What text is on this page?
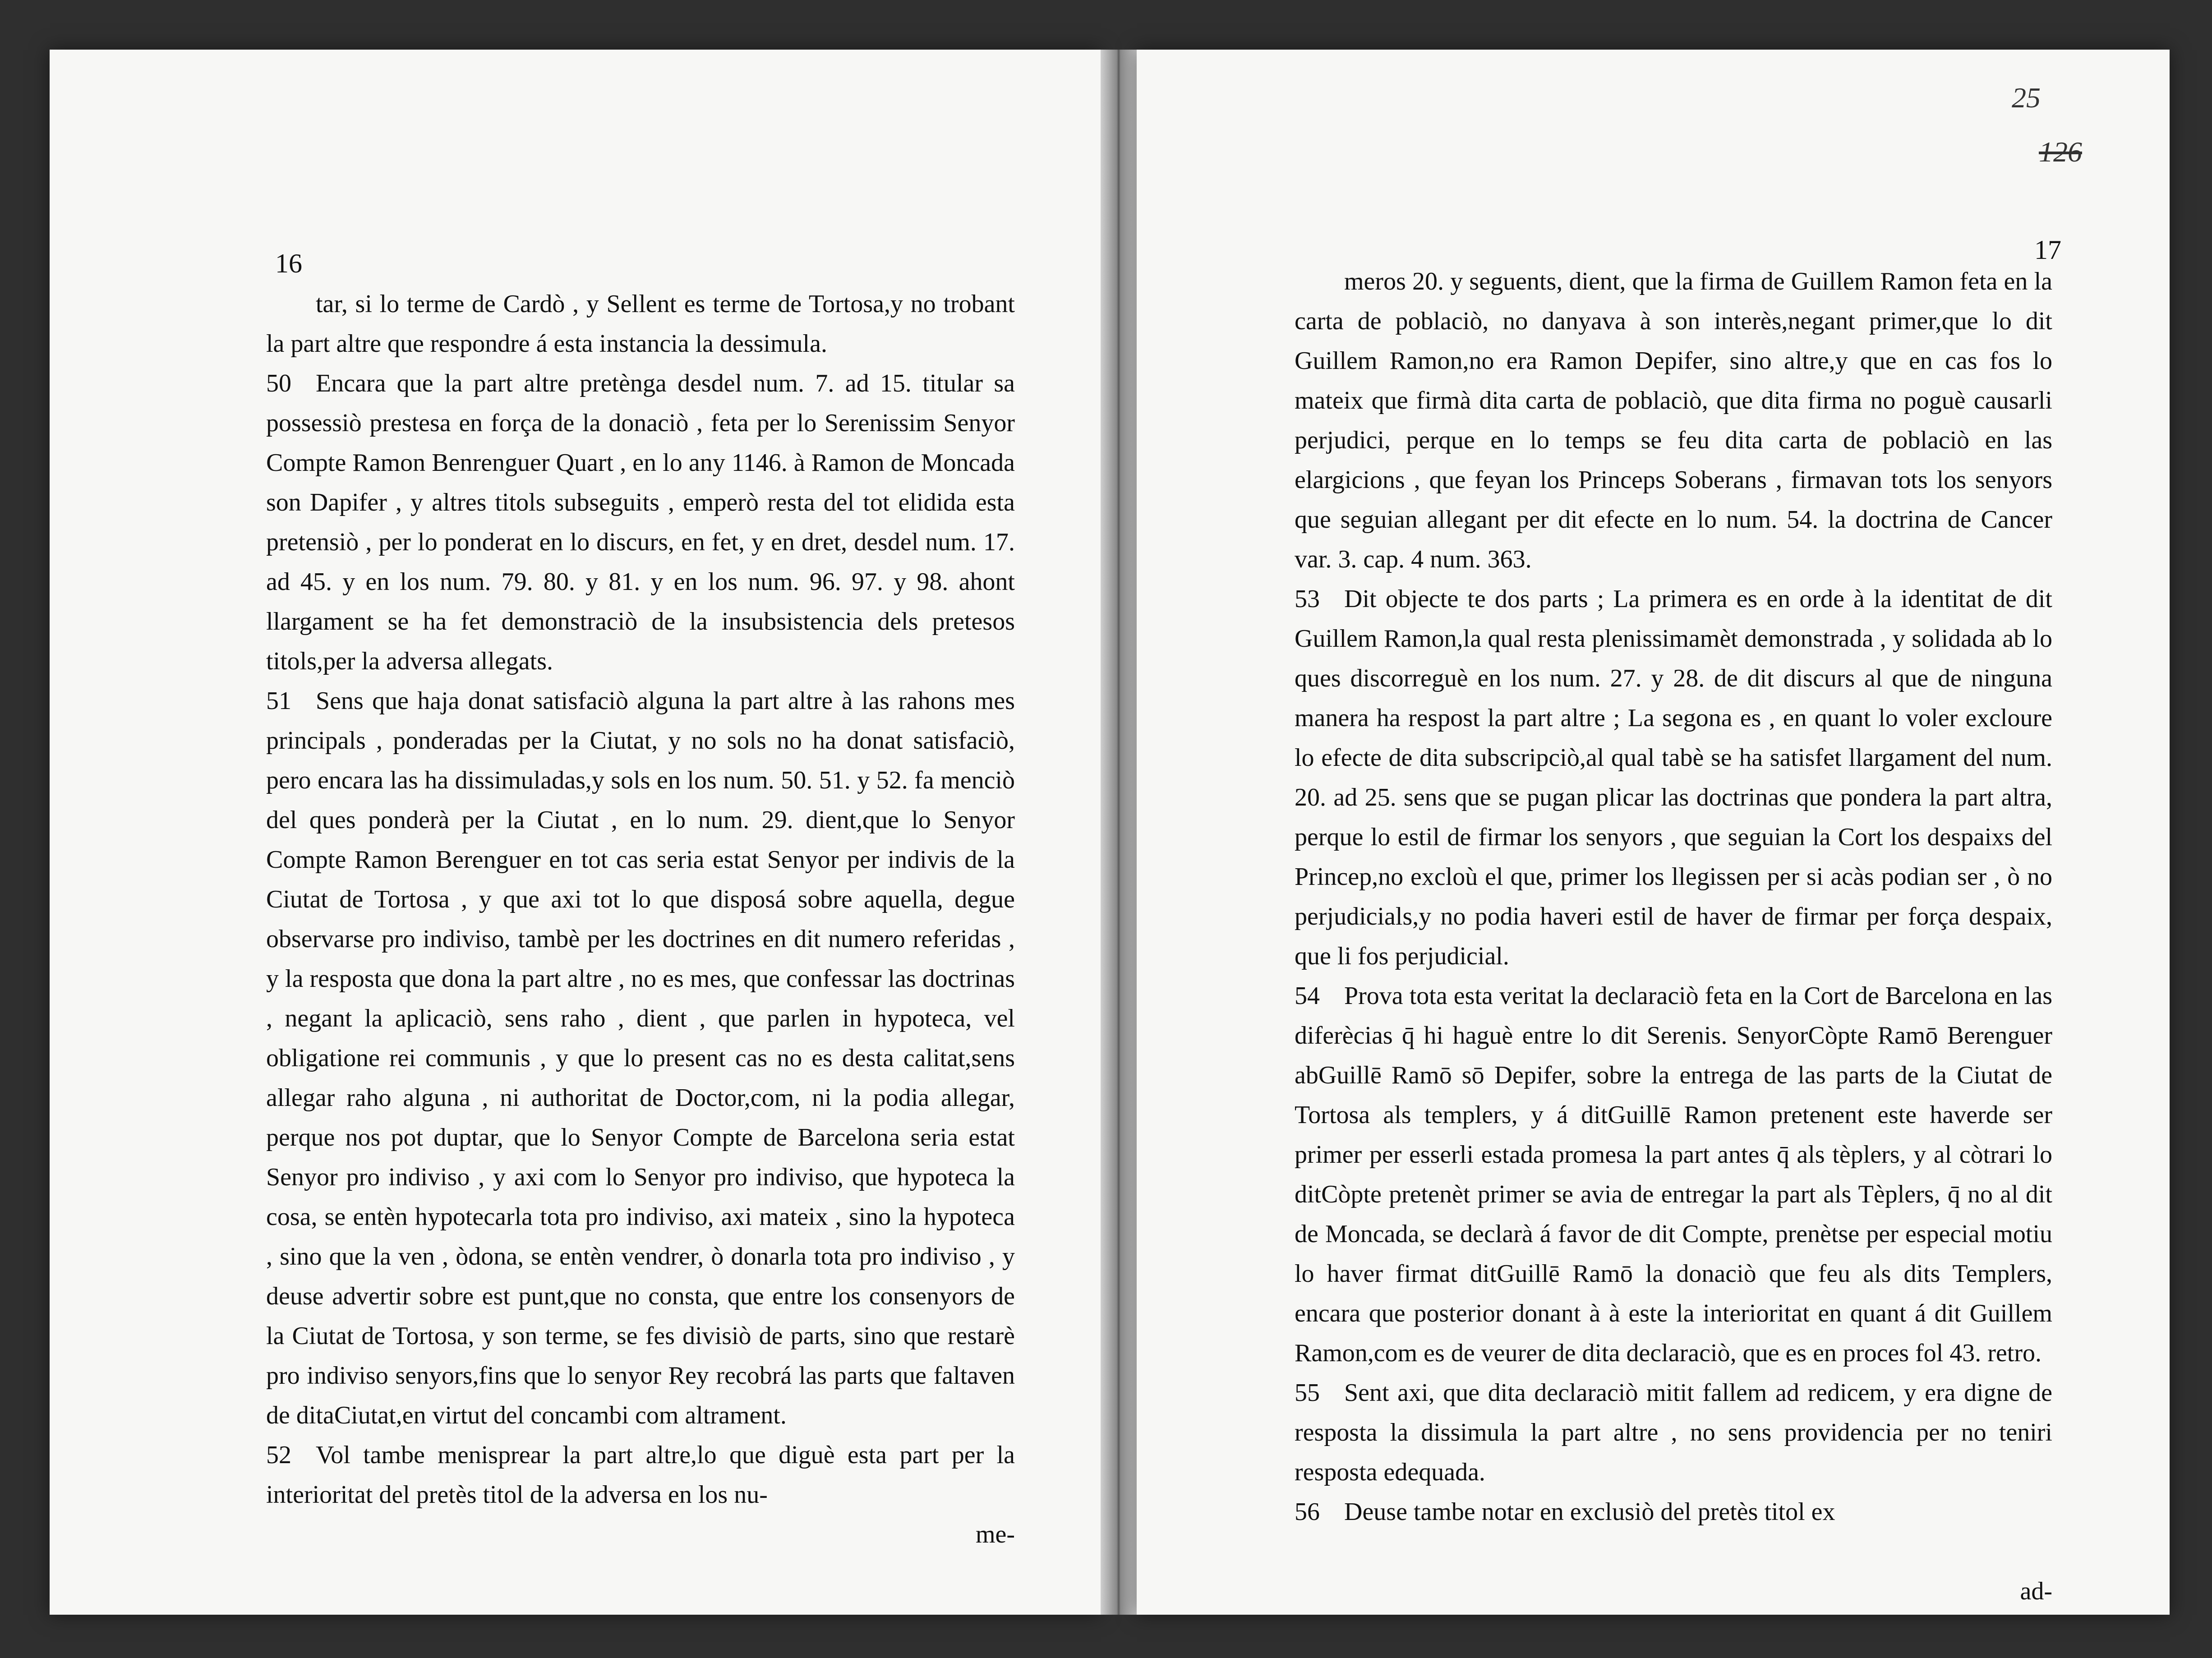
16

tar, si lo terme de Cardò , y Sellent es terme de Tortosa,y no trobant la part altre que respondre á esta instancia la dessimula.

50 Encara que la part altre pretènga desdel num. 7. ad 15. titular sa possessiò prestesa en força de la donaciò , feta per lo Serenissim Senyor Compte Ramon Benrenguer Quart , en lo any 1146. à Ramon de Moncada son Dapifer , y altres titols subseguits , emperò resta del tot elidida esta pretensiò , per lo ponderat en lo discurs, en fet, y en dret, desdel num. 17. ad 45. y en los num. 79. 80. y 81. y en los num. 96. 97. y 98. ahont llargament se ha fet demonstraciò de la insubsistencia dels pretesos titols,per la adversa allegats.

51 Sens que haja donat satisfaciò alguna la part altre à las rahons mes principals , ponderadas per la Ciutat, y no sols no ha donat satisfaciò, pero encara las ha dissimuladas,y sols en los num. 50. 51. y 52. fa menciò del ques ponderà per la Ciutat , en lo num. 29. dient,que lo Senyor Compte Ramon Berenguer en tot cas seria estat Senyor per indivis de la Ciutat de Tortosa , y que axi tot lo que disposá sobre aquella, degue observarse pro indiviso, tambè per les doctrines en dit numero referidas , y la resposta que dona la part altre , no es mes, que confessar las doctrinas , negant la aplicaciò, sens raho , dient , que parlen in hypoteca, vel obligatione rei communis , y que lo present cas no es desta calitat,sens allegar raho alguna , ni authoritat de Doctor,com, ni la podia allegar, perque nos pot duptar, que lo Senyor Compte de Barcelona seria estat Senyor pro indiviso , y axi com lo Senyor pro indiviso, que hypoteca la cosa, se entèn hypotecarla tota pro indiviso, axi mateix , sino la hypoteca , sino que la ven , òdona, se entèn vendrer, ò donarla tota pro indiviso , y deuse advertir sobre est punt,que no consta, que entre los consenyors de la Ciutat de Tortosa, y son terme, se fes divisiò de parts, sino que restarè pro indiviso senyors,fins que lo senyor Rey recobrá las parts que faltaven de ditaCiutat,en virtut del concambi com altrament.

52 Vol tambe menisprear la part altre,lo que diguè esta part per la interioritat del pretès titol de la adversa en los nu-

me-

17

meros 20. y seguents, dient, que la firma de Guillem Ramon feta en la carta de poblaciò, no danyava à son interès,negant primer,que lo dit Guillem Ramon,no era Ramon Depifer, sino altre,y que en cas fos lo mateix que firmà dita carta de poblaciò, que dita firma no poguè causarli perjudici, perque en lo temps se feu dita carta de poblaciò en las elargicions , que feyan los Princeps Soberans , firmavan tots los senyors que seguian allegant per dit efecte en lo num. 54. la doctrina de Cancer var. 3. cap. 4 num. 363.

53 Dit objecte te dos parts ; La primera es en orde à la identitat de dit Guillem Ramon,la qual resta plenissimamèt demonstrada , y solidada ab lo ques discorreguè en los num. 27. y 28. de dit discurs al que de ninguna manera ha respost la part altre ; La segona es , en quant lo voler excloure lo efecte de dita subscripciò,al qual tabè se ha satisfet llargament del num. 20. ad 25. sens que se pugan plicar las doctrinas que pondera la part altra, perque lo estil de firmar los senyors , que seguian la Cort los despaixs del Princep,no excloù el que, primer los llegissen per si acàs podian ser , ò no perjudicials,y no podia haveri estil de haver de firmar per força despaix, que li fos perjudicial.

54 Prova tota esta veritat la declaraciò feta en la Cort de Barcelona en las diferècias q̄ hi haguè entre lo dit Serenis. SenyorCòpte Ramō Berenguer abGuillē Ramō sō Depifer, sobre la entrega de las parts de la Ciutat de Tortosa als templers, y á ditGuillē Ramon pretenent este haverde ser primer per esserli estada promesa la part antes q̄ als tèplers, y al còtrari lo ditCòpte pretenèt primer se avia de entregar la part als Tèplers, q̄ no al dit de Moncada, se declarà á favor de dit Compte, prenètse per especial motiu lo haver firmat ditGuillē Ramō la donaciò que feu als dits Templers, encara que posterior donant à à este la interioritat en quant á dit Guillem Ramon,com es de veurer de dita declaraciò, que es en proces fol 43. retro.

55 Sent axi, que dita declaraciò mitit fallem ad redicem, y era digne de resposta la dissimula la part altre , no sens providencia per no teniri resposta edequada.

56 Deuse tambe notar en exclusiò del pretès titol ex

ad-

25
126
